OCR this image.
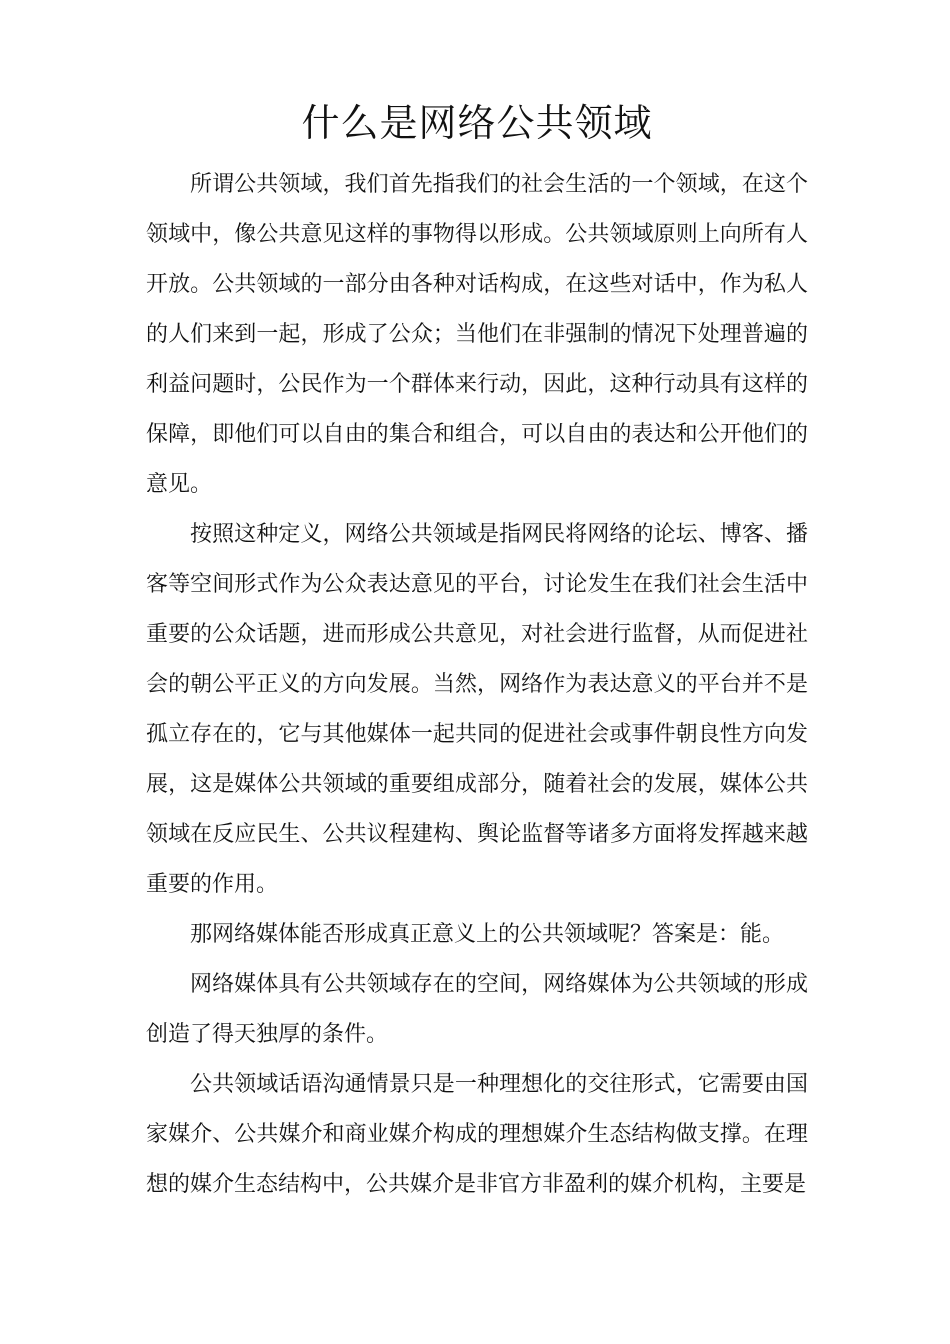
什么是网络公共领域

所谓公共领域，我们首先指我们的社会生活的一个领域，在这个领域中，像公共意见这样的事物得以形成。公共领域原则上向所有人开放。公共领域的一部分由各种对话构成，在这些对话中，作为私人的人们来到一起，形成了公众；当他们在非强制的情况下处理普遍的利益问题时，公民作为一个群体来行动，因此，这种行动具有这样的保障，即他们可以自由的集合和组合，可以自由的表达和公开他们的意见。

按照这种定义，网络公共领域是指网民将网络的论坛、博客、播客等空间形式作为公众表达意见的平台，讨论发生在我们社会生活中重要的公众话题，进而形成公共意见，对社会进行监督，从而促进社会的朝公平正义的方向发展。当然，网络作为表达意义的平台并不是孤立存在的，它与其他媒体一起共同的促进社会或事件朝良性方向发展，这是媒体公共领域的重要组成部分，随着社会的发展，媒体公共领域在反应民生、公共议程建构、舆论监督等诸多方面将发挥越来越重要的作用。

那网络媒体能否形成真正意义上的公共领域呢？答案是：能。

网络媒体具有公共领域存在的空间，网络媒体为公共领域的形成创造了得天独厚的条件。

公共领域话语沟通情景只是一种理想化的交往形式，它需要由国家媒介、公共媒介和商业媒介构成的理想媒介生态结构做支撑。在理想的媒介生态结构中，公共媒介是非官方非盈利的媒介机构，主要是
